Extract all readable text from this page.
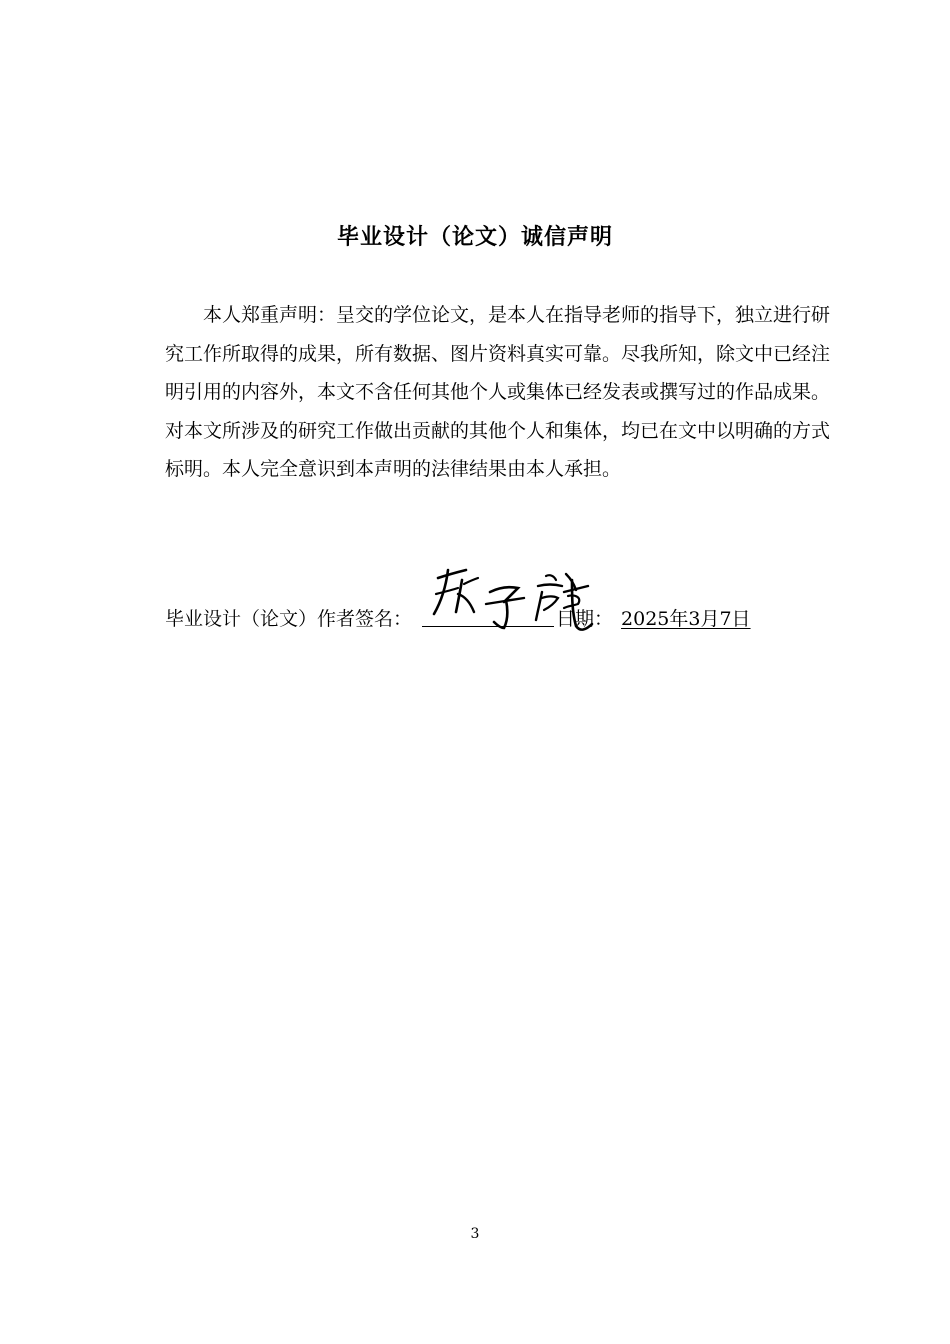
毕业设计（论文）诚信声明

本人郑重声明：呈交的学位论文，是本人在指导老师的指导下，独立进行研究工作所取得的成果，所有数据、图片资料真实可靠。尽我所知，除文中已经注明引用的内容外，本文不含任何其他个人或集体已经发表或撰写过的作品成果。对本文所涉及的研究工作做出贡献的其他个人和集体，均已在文中以明确的方式标明。本人完全意识到本声明的法律结果由本人承担。

毕业设计（论文）作者签名：	日期： 2025年3月7日
3
